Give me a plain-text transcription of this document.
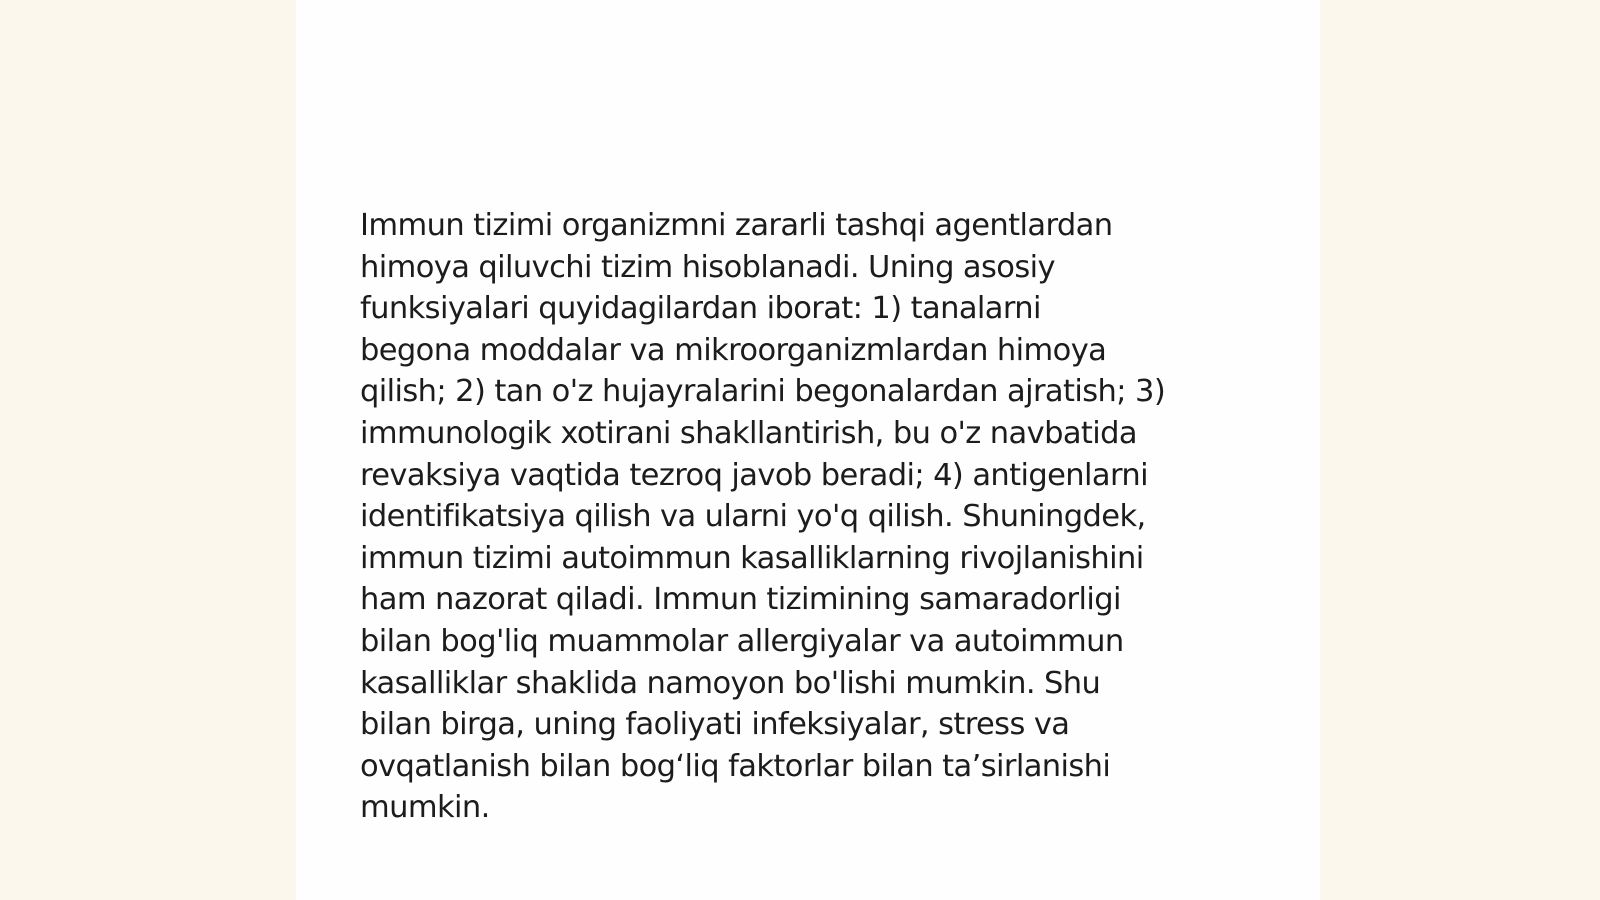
Immun tizimi organizmni zararli tashqi agentlardan
himoya qiluvchi tizim hisoblanadi. Uning asosiy
funksiyalari quyidagilardan iborat: 1) tanalarni
begona moddalar va mikroorganizmlardan himoya
qilish; 2) tan o'z hujayralarini begonalardan ajratish; 3)
immunologik xotirani shakllantirish, bu o'z navbatida
revaksiya vaqtida tezroq javob beradi; 4) antigenlarni
identifikatsiya qilish va ularni yo'q qilish. Shuningdek,
immun tizimi autoimmun kasalliklarning rivojlanishini
ham nazorat qiladi. Immun tizimining samaradorligi
bilan bog'liq muammolar allergiyalar va autoimmun
kasalliklar shaklida namoyon bo'lishi mumkin. Shu
bilan birga, uning faoliyati infeksiyalar, stress va
ovqatlanish bilan bog‘liq faktorlar bilan ta’sirlanishi
mumkin.
